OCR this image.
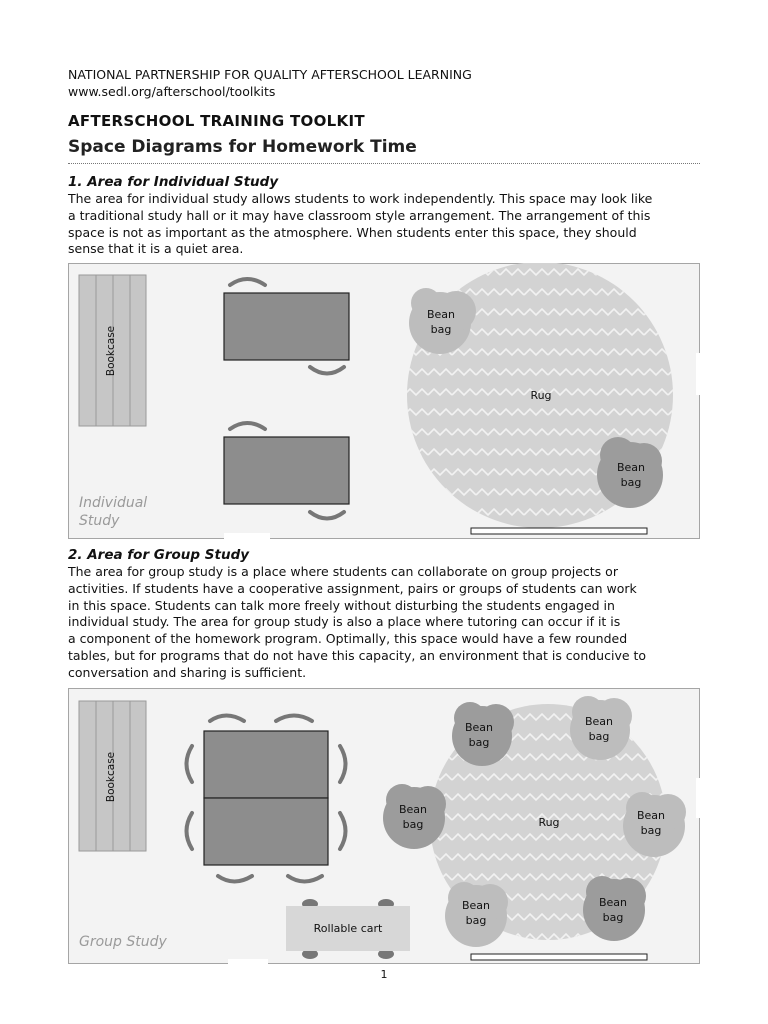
NATIONAL PARTNERSHIP FOR QUALITY AFTERSCHOOL LEARNING
www.sedl.org/afterschool/toolkits
AFTERSCHOOL TRAINING TOOLKIT
Space Diagrams for Homework Time
1. Area for Individual Study
The area for individual study allows students to work independently. This space may look like
a traditional study hall or it may have classroom style arrangement. The arrangement of this
space is not as important as the atmosphere. When students enter this space, they should
sense that it is a quiet area.
Bookcase
Rug
Bean
bag
Bean
bag
Individual
Study
2. Area for Group Study
The area for group study is a place where students can collaborate on group projects or
activities. If students have a cooperative assignment, pairs or groups of students can work
in this space. Students can talk more freely without disturbing the students engaged in
individual study. The area for group study is also a place where tutoring can occur if it is
a component of the homework program. Optimally, this space would have a few rounded
tables, but for programs that do not have this capacity, an environment that is conducive to
conversation and sharing is sufficient.
Bookcase
Rollable cart
Rug
Bean
bag
Bean
bag
Bean
bag
Bean
bag
Bean
bag
Bean
bag
Group Study
1
